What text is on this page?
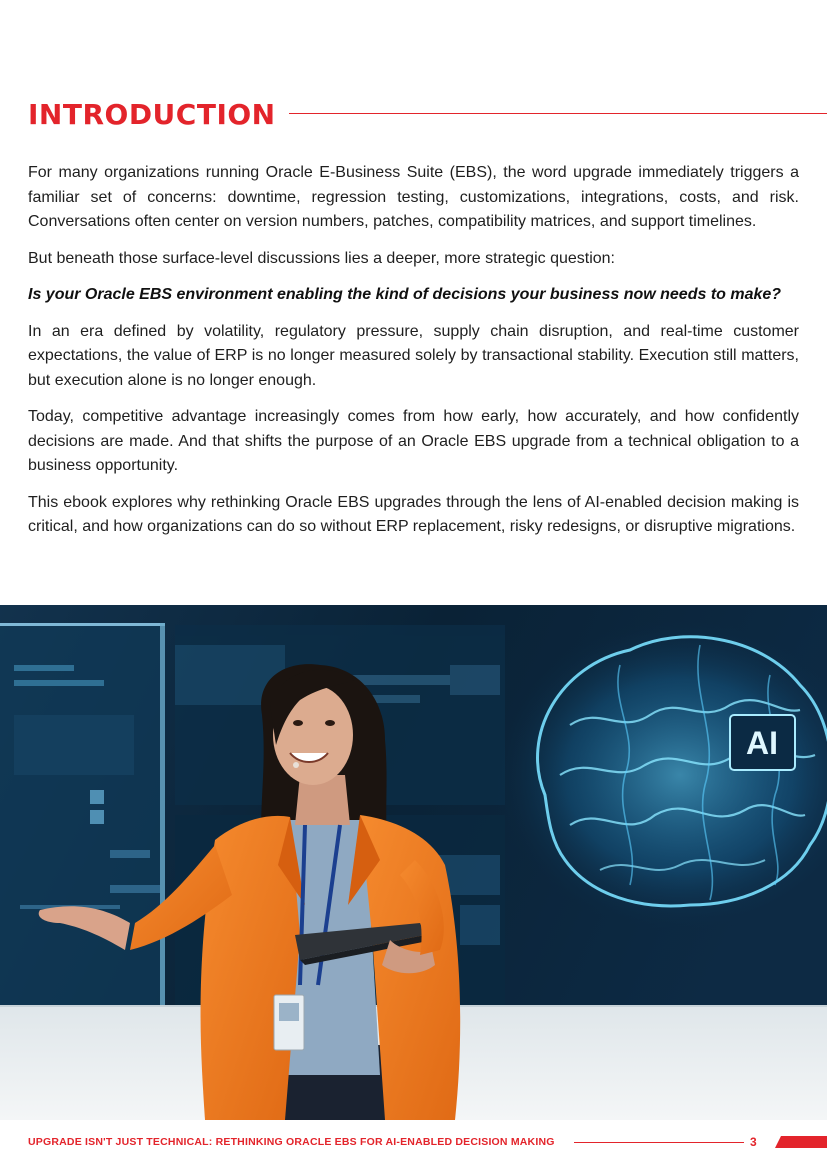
INTRODUCTION

For many organizations running Oracle E-Business Suite (EBS), the word upgrade immediately triggers a familiar set of concerns: downtime, regression testing, customizations, integrations, costs, and risk. Conversations often center on version numbers, patches, compatibility matrices, and support timelines.

But beneath those surface-level discussions lies a deeper, more strategic question:

Is your Oracle EBS environment enabling the kind of decisions your business now needs to make?

In an era defined by volatility, regulatory pressure, supply chain disruption, and real-time customer expectations, the value of ERP is no longer measured solely by transactional stability. Execution still matters, but execution alone is no longer enough.

Today, competitive advantage increasingly comes from how early, how accurately, and how confidently decisions are made. And that shifts the purpose of an Oracle EBS upgrade from a technical obligation to a business opportunity.

This ebook explores why rethinking Oracle EBS upgrades through the lens of AI-enabled decision making is critical, and how organizations can do so without ERP replacement, risky redesigns, or disruptive migrations.

AI
UPGRADE ISN'T JUST TECHNICAL: RETHINKING ORACLE EBS FOR AI-ENABLED DECISION MAKING	3
